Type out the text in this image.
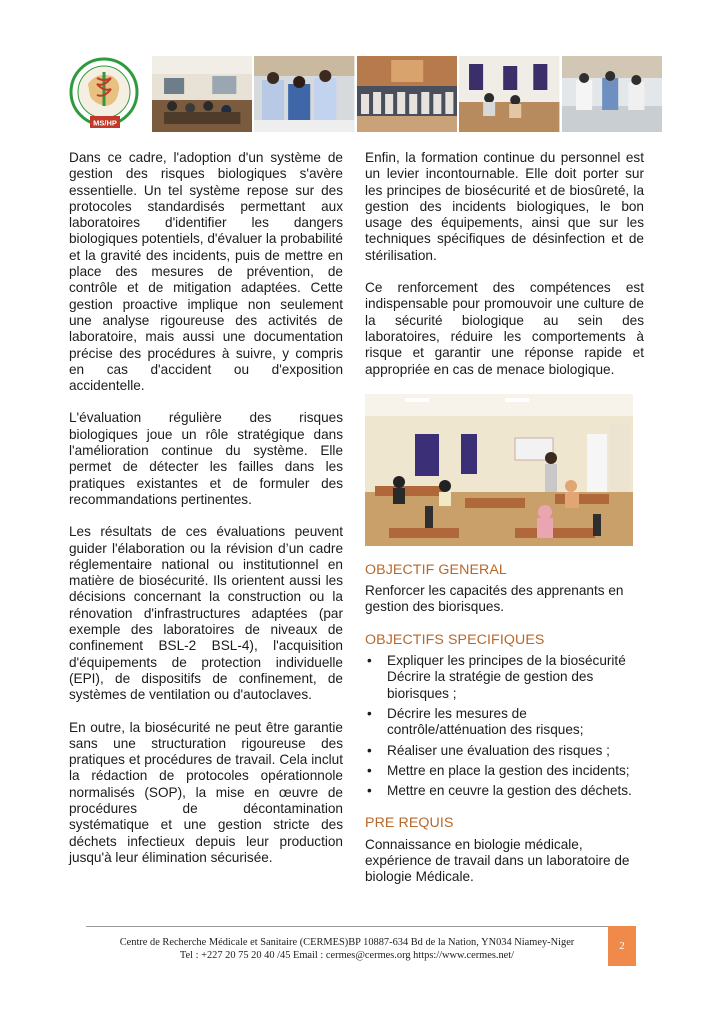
MS/HP

Dans ce cadre, l'adoption d'un système de gestion des risques biologiques s'avère essentielle. Un tel système repose sur des protocoles standardisés permettant aux laboratoires d'identifier les dangers biologiques potentiels, d'évaluer la probabilité et la gravité des incidents, puis de mettre en place des mesures de prévention, de contrôle et de mitigation adaptées. Cette gestion proactive implique non seulement une analyse rigoureuse des activités de laboratoire, mais aussi une documentation précise des procédures à suivre, y compris en cas d'accident ou d'exposition accidentelle.

L'évaluation régulière des risques biologiques joue un rôle stratégique dans l'amélioration continue du système. Elle permet de détecter les failles dans les pratiques existantes et de formuler des recommandations pertinentes.

Les résultats de ces évaluations peuvent guider l'élaboration ou la révision d’un cadre réglementaire national ou institutionnel en matière de biosécurité. Ils orientent aussi les décisions concernant la construction ou la rénovation d'infrastructures adaptées (par exemple des laboratoires de niveaux de confinement BSL-2 BSL-4), l'acquisition d'équipements de protection individuelle (EPI), de dispositifs de confinement, de systèmes de ventilation ou d'autoclaves.

En outre, la biosécurité ne peut être garantie sans une structuration rigoureuse des pratiques et procédures de travail. Cela inclut la rédaction de protocoles opérationnole normalisés (SOP), la mise en œuvre de procédures de décontamination systématique et une gestion stricte des déchets infectieux depuis leur production jusqu'à leur élimination sécurisée.

Enfin, la formation continue du personnel est un levier incontournable. Elle doit porter sur les principes de biosécurité et de biosûreté, la gestion des incidents biologiques, le bon usage des équipements, ainsi que sur les techniques spécifiques de désinfection et de stérilisation.

Ce renforcement des compétences est indispensable pour promouvoir une culture de la sécurité biologique au sein des laboratoires, réduire les comportements à risque et garantir une réponse rapide et appropriée en cas de menace biologique.

OBJECTIF GENERAL

Renforcer les capacités des apprenants en gestion des biorisques.

OBJECTIFS SPECIFIQUES
• Expliquer les principes de la biosécurité Décrire la stratégie de gestion des biorisques ;
• Décrire les mesures de contrôle/atténuation des risques;
• Réaliser une évaluation des risques ;
• Mettre en place la gestion des incidents;
• Mettre en ceuvre la gestion des déchets.
PRE REQUIS

Connaissance en biologie médicale, expérience de travail dans un laboratoire de biologie Médicale.

Centre de Recherche Médicale et Sanitaire (CERMES)BP 10887-634 Bd de la Nation, YN034 Niamey-Niger
Tel : +227 20 75 20 40 /45 Email : cermes@cermes.org https://www.cermes.net/
2
